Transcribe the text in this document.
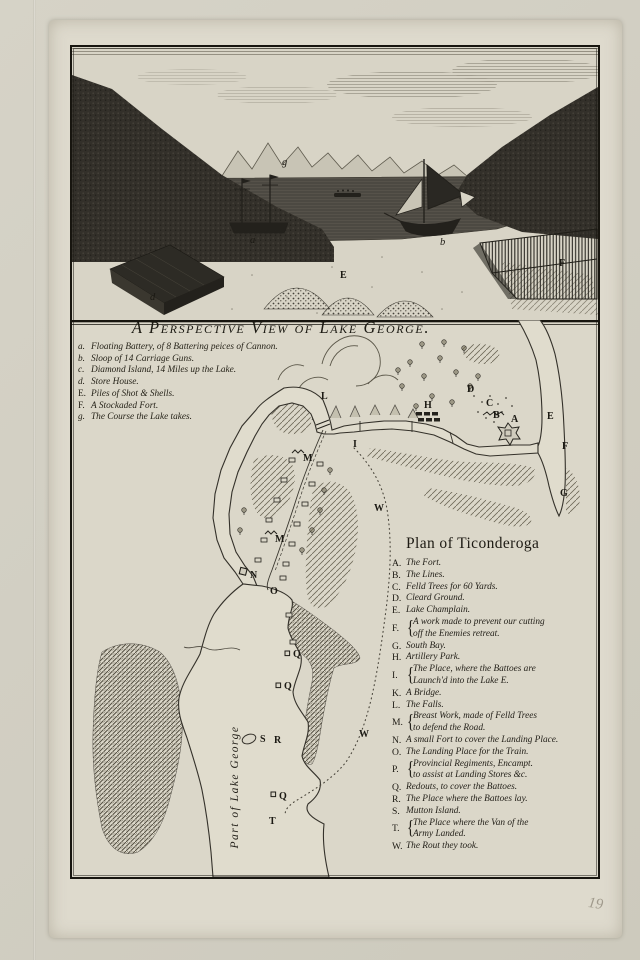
g
a	b
d
E
F
L
I
D
H	C
B A	E
F
G
M
M
N
O
Q
Q
S R
W
W
Q
T
Part of Lake George
A Perspective View of Lake George.
a. Floating Battery, of 8 Battering peices of Cannon.
b. Sloop of 14 Carriage Guns.
c. Diamond Island, 14 Miles up the Lake.
d. Store House.
E. Piles of Shot & Shells.
F. A Stockaded Fort.
g. The Course the Lake takes.
Plan of Ticonderoga
A. The Fort.
B. The Lines.
C. Felld Trees for 60 Yards.
D. Cleard Ground.
E. Lake Champlain.
F. {
A work made to prevent our cutting
off the Enemies retreat.
G. South Bay.
H. Artillery Park.
I. {
The Place, where the Battoes are
Launch'd into the Lake E.
K. A Bridge.
L. The Falls.
M. {
Breast Work, made of Felld Trees
to defend the Road.
N. A small Fort to cover the Landing Place.
O. The Landing Place for the Train.
P. {
Provincial Regiments, Encampt.
to assist at Landing Stores &c.
Q. Redouts, to cover the Battoes.
R. The Place where the Battoes lay.
S. Mutton Island.
T. {
The Place where the Van of the
Army Landed.
W. The Rout they took.
19
